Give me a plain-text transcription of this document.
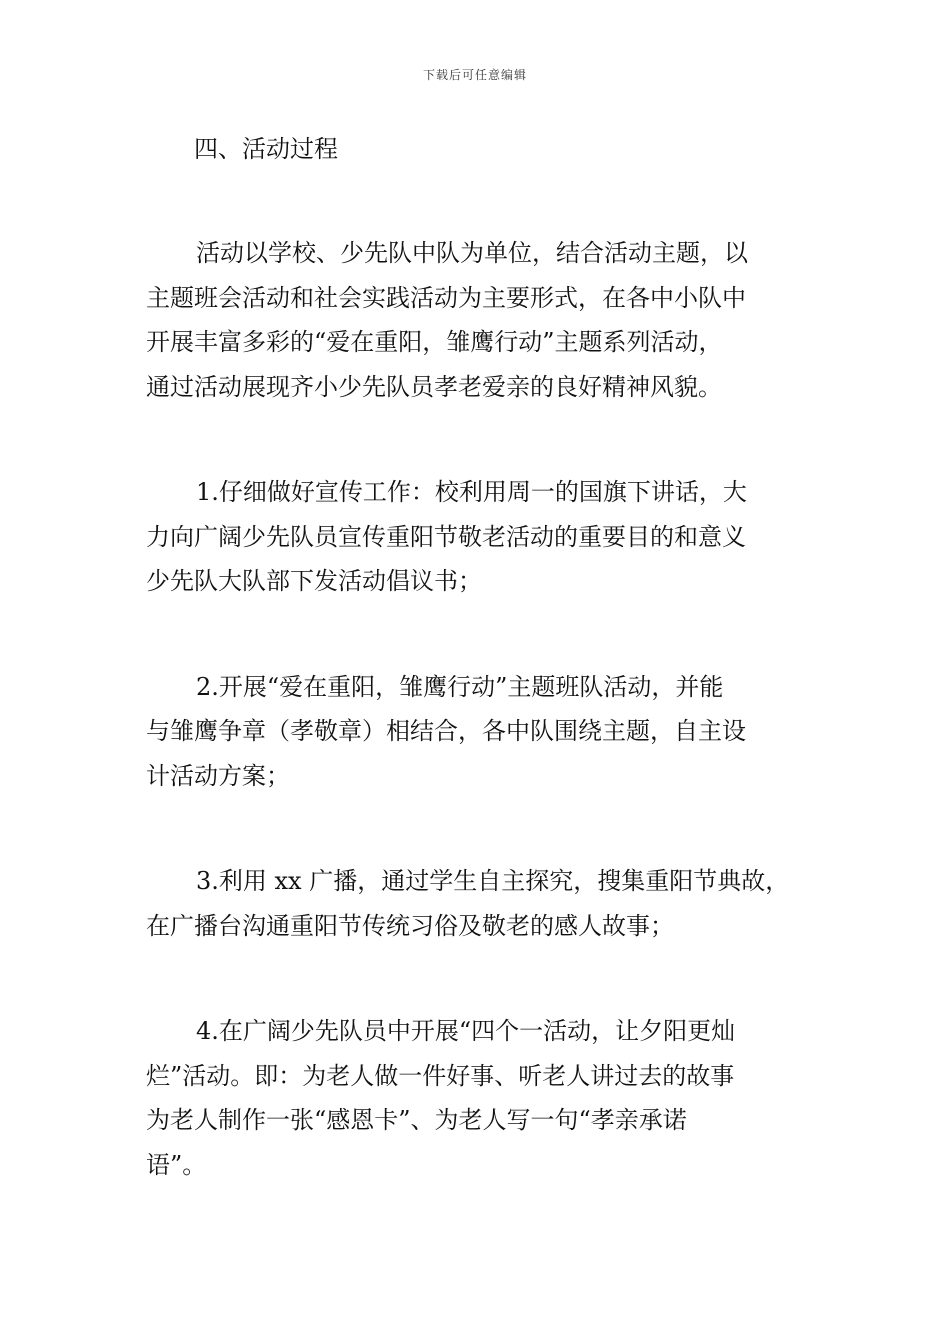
下载后可任意编辑
四、活动过程

活动以学校、少先队中队为单位，结合活动主题，以
主题班会活动和社会实践活动为主要形式，在各中小队中
开展丰富多彩的“爱在重阳，雏鹰行动”主题系列活动，
通过活动展现齐小少先队员孝老爱亲的良好精神风貌。

1.仔细做好宣传工作：校利用周一的国旗下讲话，大
力向广阔少先队员宣传重阳节敬老活动的重要目的和意义
少先队大队部下发活动倡议书；

2.开展“爱在重阳，雏鹰行动”主题班队活动，并能
与雏鹰争章（孝敬章）相结合，各中队围绕主题，自主设
计活动方案；

3.利用 xx 广播，通过学生自主探究，搜集重阳节典故，
在广播台沟通重阳节传统习俗及敬老的感人故事；

4.在广阔少先队员中开展“四个一活动，让夕阳更灿
烂”活动。即：为老人做一件好事、听老人讲过去的故事
为老人制作一张“感恩卡”、为老人写一句“孝亲承诺
语”。
